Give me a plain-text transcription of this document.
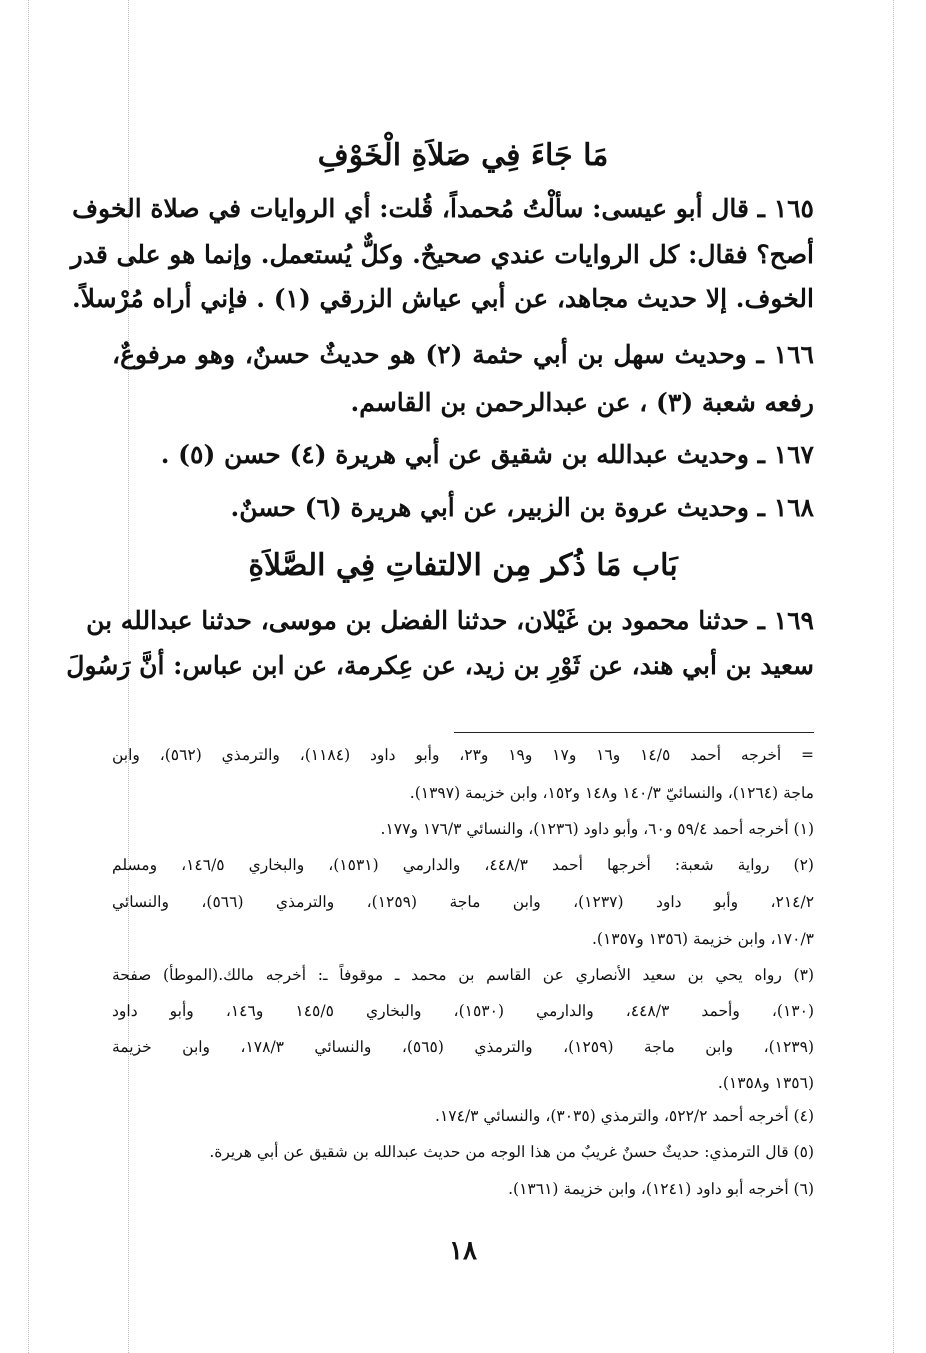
مَا جَاءَ فِي صَلاَةِ الْخَوْفِ
١٦٥ ـ قال أبو عيسى: سألْتُ مُحمداً، قُلت: أي الروايات في صلاة الخوف
أصح؟ فقال: كل الروايات عندي صحيحٌ. وكلٌّ يُستعمل. وإنما هو على قدر
الخوف. إلا حديث مجاهد، عن أبي عياش الزرقي (١) . فإني أراه مُرْسلاً.
١٦٦ ـ وحديث سهل بن أبي حثمة (٢) هو حديثٌ حسنٌ، وهو مرفوعٌ،
رفعه شعبة (٣) ، عن عبدالرحمن بن القاسم.
١٦٧ ـ وحديث عبدالله بن شقيق عن أبي هريرة (٤) حسن (٥) .
١٦٨ ـ وحديث عروة بن الزبير، عن أبي هريرة (٦) حسنٌ.
بَاب مَا ذُكر مِن الالتفاتِ فِي الصَّلاَةِ
١٦٩ ـ حدثنا محمود بن غَيْلان، حدثنا الفضل بن موسى، حدثنا عبدالله بن
سعيد بن أبي هند، عن ثَوْرِ بن زيد، عن عِكرمة، عن ابن عباس: أنَّ رَسُولَ
= أخرجه أحمد ١٤/٥ و١٦ و١٧ و١٩ و٢٣، وأبو داود (١١٨٤)، والترمذي (٥٦٢)، وابن
ماجة (١٢٦٤)، والنسائيّ ١٤٠/٣ و١٤٨ و١٥٢، وابن خزيمة (١٣٩٧).
(١) أخرجه أحمد ٥٩/٤ و٦٠، وأبو داود (١٢٣٦)، والنسائي ١٧٦/٣ و١٧٧.
(٢) رواية شعبة: أخرجها أحمد ٤٤٨/٣، والدارمي (١٥٣١)، والبخاري ١٤٦/٥، ومسلم
٢١٤/٢، وأبو داود (١٢٣٧)، وابن ماجة (١٢٥٩)، والترمذي (٥٦٦)، والنسائي
١٧٠/٣، وابن خزيمة (١٣٥٦ و١٣٥٧).
(٣) رواه يحي بن سعيد الأنصاري عن القاسم بن محمد ـ موقوفاً ـ: أخرجه مالك.(الموطأ) صفحة
(١٣٠)، وأحمد ٤٤٨/٣، والدارمي (١٥٣٠)، والبخاري ١٤٥/٥ و١٤٦، وأبو داود
(١٢٣٩)، وابن ماجة (١٢٥٩)، والترمذي (٥٦٥)، والنسائي ١٧٨/٣، وابن خزيمة
(١٣٥٦ و١٣٥٨).
(٤) أخرجه أحمد ٥٢٢/٢، والترمذي (٣٠٣٥)، والنسائي ١٧٤/٣.
(٥) قال الترمذي: حديثٌ حسنٌ غريبٌ من هذا الوجه من حديث عبدالله بن شقيق عن أبي هريرة.
(٦) أخرجه أبو داود (١٢٤١)، وابن خزيمة (١٣٦١).
١٨
